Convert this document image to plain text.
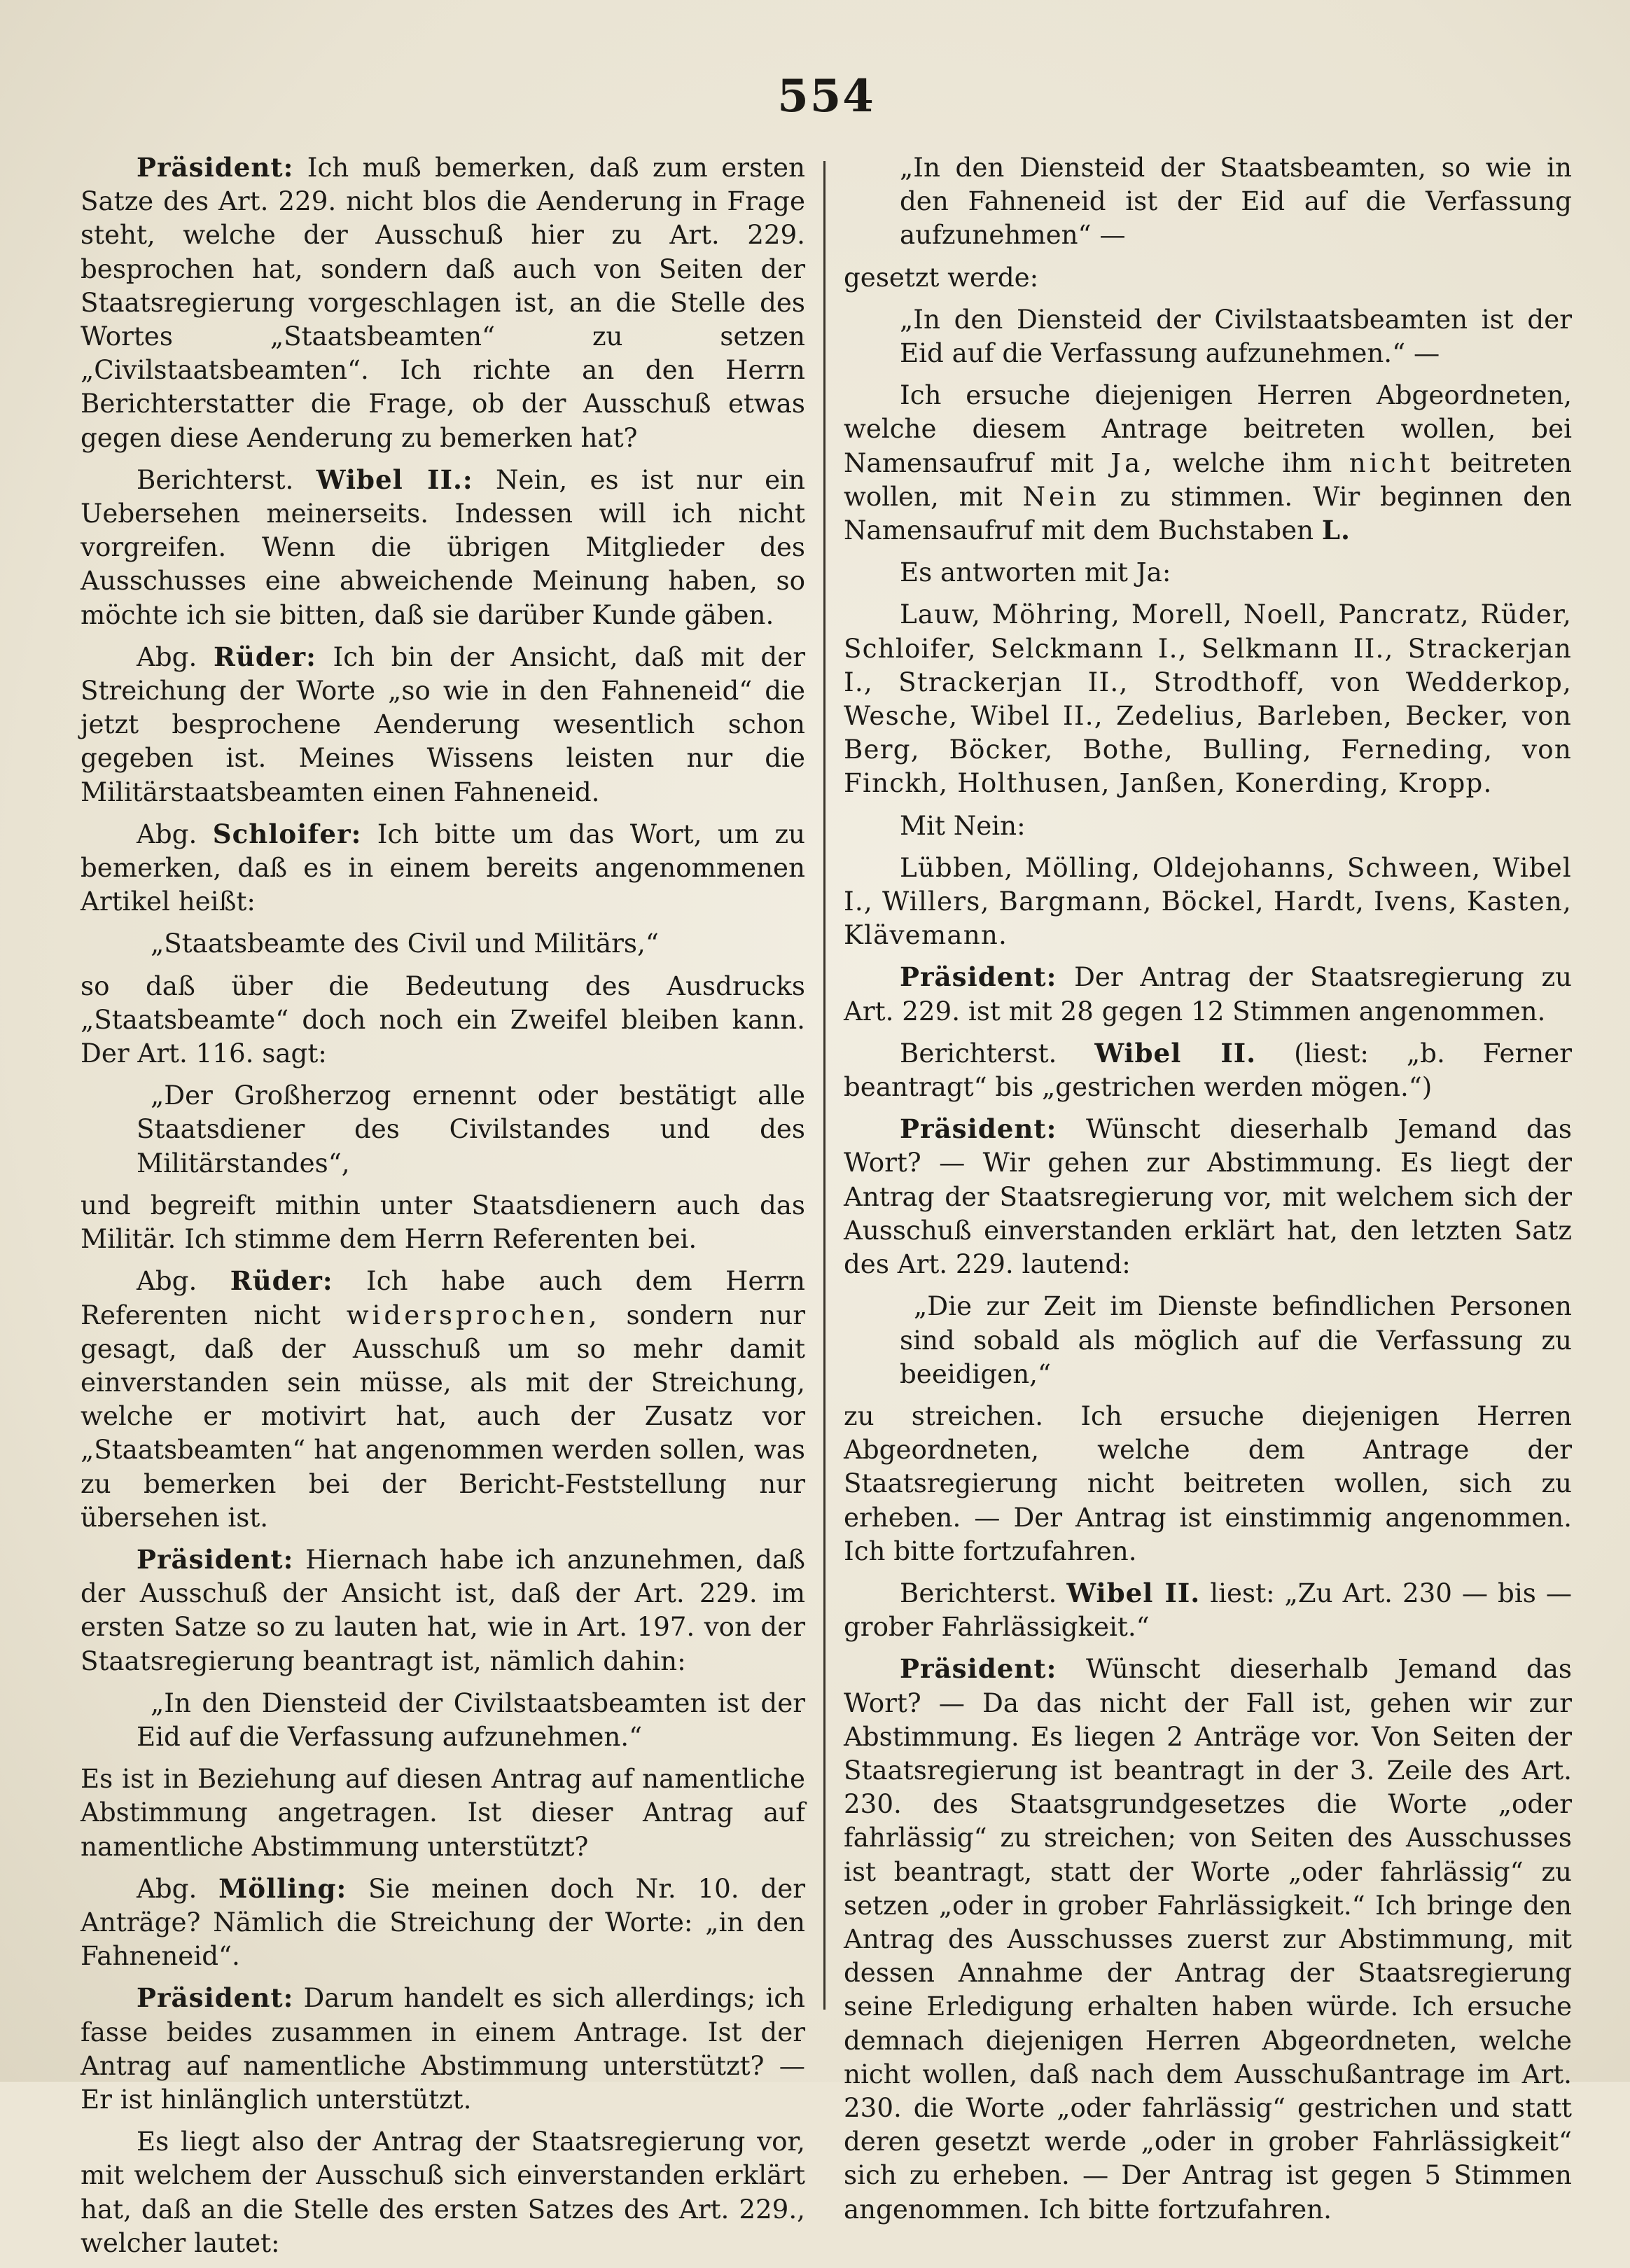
554

Präsident: Ich muß bemerken, daß zum ersten Satze des Art. 229. nicht blos die Aenderung in Frage steht, welche der Ausschuß hier zu Art. 229. besprochen hat, sondern daß auch von Seiten der Staatsregierung vorgeschlagen ist, an die Stelle des Wortes „Staatsbeamten“ zu setzen „Civilstaatsbeamten“. Ich richte an den Herrn Berichterstatter die Frage, ob der Ausschuß etwas gegen diese Aenderung zu bemerken hat?

Berichterst. Wibel II.: Nein, es ist nur ein Uebersehen meinerseits. Indessen will ich nicht vorgreifen. Wenn die übrigen Mitglieder des Ausschusses eine abweichende Meinung haben, so möchte ich sie bitten, daß sie darüber Kunde gäben.

Abg. Rüder: Ich bin der Ansicht, daß mit der Streichung der Worte „so wie in den Fahneneid“ die jetzt besprochene Aenderung wesentlich schon gegeben ist. Meines Wissens leisten nur die Militärstaatsbeamten einen Fahneneid.

Abg. Schloifer: Ich bitte um das Wort, um zu bemerken, daß es in einem bereits angenommenen Artikel heißt:

„Staatsbeamte des Civil und Militärs,“

so daß über die Bedeutung des Ausdrucks „Staatsbeamte“ doch noch ein Zweifel bleiben kann. Der Art. 116. sagt:

„Der Großherzog ernennt oder bestätigt alle Staatsdiener des Civilstandes und des Militärstandes“,

und begreift mithin unter Staatsdienern auch das Militär. Ich stimme dem Herrn Referenten bei.

Abg. Rüder: Ich habe auch dem Herrn Referenten nicht widersprochen, sondern nur gesagt, daß der Ausschuß um so mehr damit einverstanden sein müsse, als mit der Streichung, welche er motivirt hat, auch der Zusatz vor „Staatsbeamten“ hat angenommen werden sollen, was zu bemerken bei der Bericht-Feststellung nur übersehen ist.

Präsident: Hiernach habe ich anzunehmen, daß der Ausschuß der Ansicht ist, daß der Art. 229. im ersten Satze so zu lauten hat, wie in Art. 197. von der Staatsregierung beantragt ist, nämlich dahin:

„In den Diensteid der Civilstaatsbeamten ist der Eid auf die Verfassung aufzunehmen.“

Es ist in Beziehung auf diesen Antrag auf namentliche Abstimmung angetragen. Ist dieser Antrag auf namentliche Abstimmung unterstützt?

Abg. Mölling: Sie meinen doch Nr. 10. der Anträge? Nämlich die Streichung der Worte: „in den Fahneneid“.

Präsident: Darum handelt es sich allerdings; ich fasse beides zusammen in einem Antrage. Ist der Antrag auf namentliche Abstimmung unterstützt? — Er ist hinlänglich unterstützt.

Es liegt also der Antrag der Staatsregierung vor, mit welchem der Ausschuß sich einverstanden erklärt hat, daß an die Stelle des ersten Satzes des Art. 229., welcher lautet:

„In den Diensteid der Staatsbeamten, so wie in den Fahneneid ist der Eid auf die Verfassung aufzunehmen“ —

gesetzt werde:

„In den Diensteid der Civilstaatsbeamten ist der Eid auf die Verfassung aufzunehmen.“ —

Ich ersuche diejenigen Herren Abgeordneten, welche diesem Antrage beitreten wollen, bei Namensaufruf mit Ja, welche ihm nicht beitreten wollen, mit Nein zu stimmen. Wir beginnen den Namensaufruf mit dem Buchstaben L.

Es antworten mit Ja:

Lauw, Möhring, Morell, Noell, Pancratz, Rüder, Schloifer, Selckmann I., Selkmann II., Strackerjan I., Strackerjan II., Strodthoff, von Wedderkop, Wesche, Wibel II., Zedelius, Barleben, Becker, von Berg, Böcker, Bothe, Bulling, Ferneding, von Finckh, Holthusen, Janßen, Konerding, Kropp.

Mit Nein:

Lübben, Mölling, Oldejohanns, Schween, Wibel I., Willers, Bargmann, Böckel, Hardt, Ivens, Kasten, Klävemann.

Präsident: Der Antrag der Staatsregierung zu Art. 229. ist mit 28 gegen 12 Stimmen angenommen.

Berichterst. Wibel II. (liest: „b. Ferner beantragt“ bis „gestrichen werden mögen.“)

Präsident: Wünscht dieserhalb Jemand das Wort? — Wir gehen zur Abstimmung. Es liegt der Antrag der Staatsregierung vor, mit welchem sich der Ausschuß einverstanden erklärt hat, den letzten Satz des Art. 229. lautend:

„Die zur Zeit im Dienste befindlichen Personen sind sobald als möglich auf die Verfassung zu beeidigen,“

zu streichen. Ich ersuche diejenigen Herren Abgeordneten, welche dem Antrage der Staatsregierung nicht beitreten wollen, sich zu erheben. — Der Antrag ist einstimmig angenommen. Ich bitte fortzufahren.

Berichterst. Wibel II. liest: „Zu Art. 230 — bis — grober Fahrlässigkeit.“

Präsident: Wünscht dieserhalb Jemand das Wort? — Da das nicht der Fall ist, gehen wir zur Abstimmung. Es liegen 2 Anträge vor. Von Seiten der Staatsregierung ist beantragt in der 3. Zeile des Art. 230. des Staatsgrundgesetzes die Worte „oder fahrlässig“ zu streichen; von Seiten des Ausschusses ist beantragt, statt der Worte „oder fahrlässig“ zu setzen „oder in grober Fahrlässigkeit.“ Ich bringe den Antrag des Ausschusses zuerst zur Abstimmung, mit dessen Annahme der Antrag der Staatsregierung seine Erledigung erhalten haben würde. Ich ersuche demnach diejenigen Herren Abgeordneten, welche nicht wollen, daß nach dem Ausschußantrage im Art. 230. die Worte „oder fahrlässig“ gestrichen und statt deren gesetzt werde „oder in grober Fahrlässigkeit“ sich zu erheben. — Der Antrag ist gegen 5 Stimmen angenommen. Ich bitte fortzufahren.
